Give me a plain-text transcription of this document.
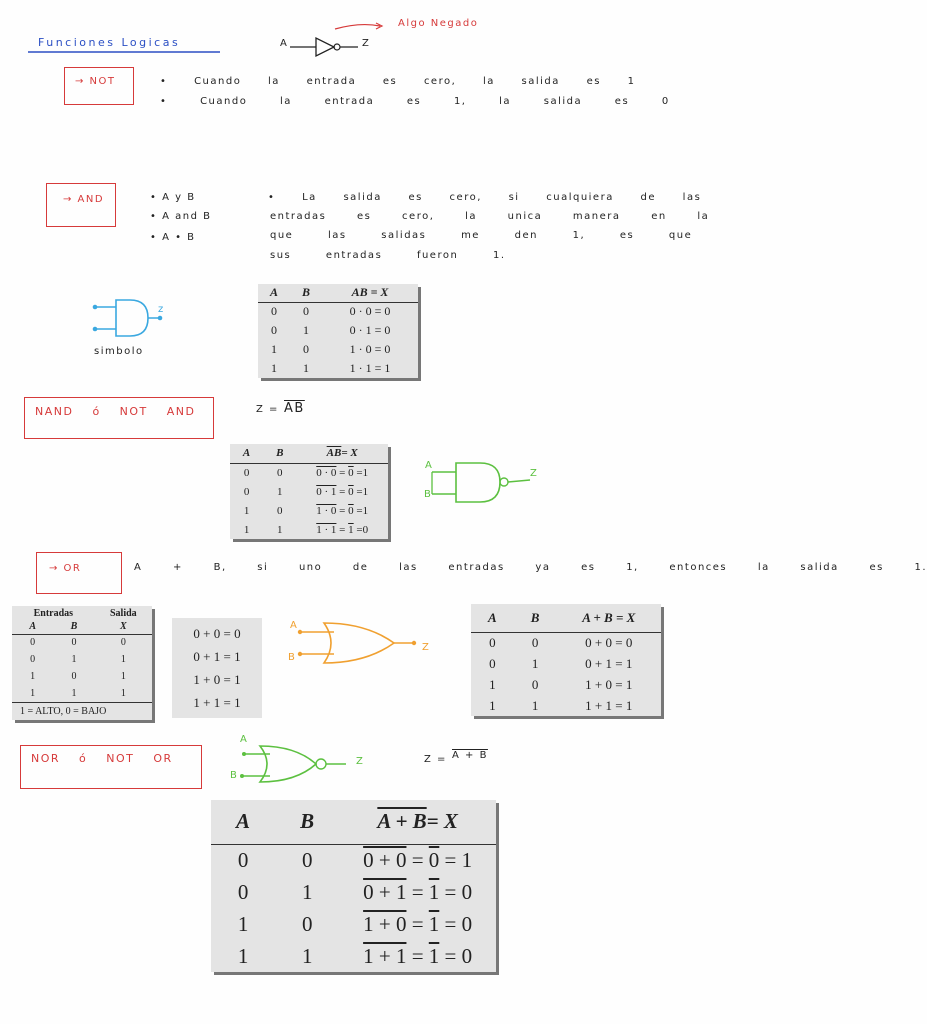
Funciones Logicas
Algo Negado
A	Z
→ NOT	• Cuando la entrada es cero, la salida es 1
• Cuando la entrada es 1, la salida es 0
→ AND	• A y B
• A and B
• A • B
• La salida es cero, si cualquiera de las
entradas es cero, la unica manera en la
que las salidas me den 1, es que
sus entradas fueron 1.
z
simbolo
A	B	AB = X
0	0	0 · 0 = 0
0	1	0 · 1 = 0
1	0	1 · 0 = 0
1	1	1 · 1 = 1
NAND ó NOT AND	$Z = \overline{AB}$
A	B	$\overline{AB}= X$
0	0	0 · 0 = 0 =1
0	1	0 · 1 = 0 =1
1	0	1 · 0 = 0 =1
1	1	1 · 1 = 1 =0
A
B
Z
→ OR	A + B, si uno de las entradas ya es 1, entonces la salida es 1.
Entradas		Salida
A	B	X
0	0	0
0	1	1
1	0	1
1	1	1
1 = ALTO, 0 = BAJO		
0 + 0 = 0
0 + 1 = 1
1 + 0 = 1
1 + 1 = 1
A
B
Z
A	B	A + B = X
0	0	0 + 0 = 0
0	1	0 + 1 = 1
1	0	1 + 0 = 1
1	1	1 + 1 = 1
NOR ó NOT OR
A
B
Z	Z = A + B
A	B	A + B= X
0	0	0 + 0 = 0 = 1
0	1	0 + 1 = 1 = 0
1	0	1 + 0 = 1 = 0
1	1	1 + 1 = 1 = 0
